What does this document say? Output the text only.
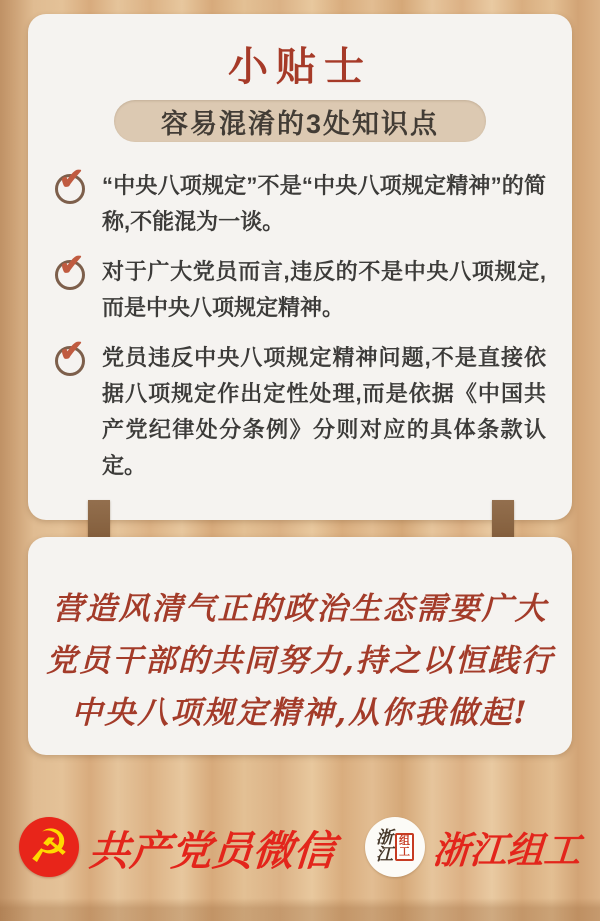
小贴士
容易混淆的3处知识点
✔ “中央八项规定”不是“中央八项规定精神”的简称,不能混为一谈。

✔ 对于广大党员而言,违反的不是中央八项规定,而是中央八项规定精神。

✔ 党员违反中央八项规定精神问题,不是直接依据八项规定作出定性处理,而是依据《中国共产党纪律处分条例》分则对应的具体条款认定。

营造风清气正的政治生态需要广大

党员干部的共同努力,持之以恒践行

中央八项规定精神,从你我做起!

☭ 共产党员微信 浙
江
组
工 浙江组工
